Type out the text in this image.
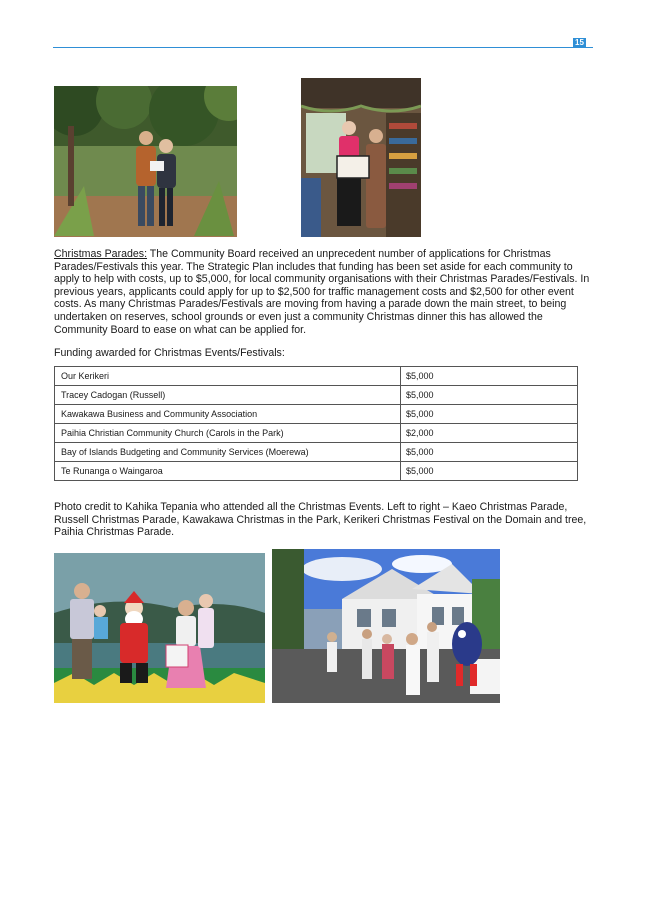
15

Christmas Parades: The Community Board received an unprecedent number of applications for Christmas Parades/Festivals this year. The Strategic Plan includes that funding has been set aside for each community to apply to help with costs, up to $5,000, for local community organisations with their Christmas Parades/Festivals. In previous years, applicants could apply for up to $2,500 for traffic management costs and $2,500 for other event costs. As many Christmas Parades/Festivals are moving from having a parade down the main street, to being undertaken on reserves, school grounds or even just a community Christmas dinner this has allowed the Community Board to ease on what can be applied for.

Funding awarded for Christmas Events/Festivals:

Our Kerikeri	$5,000
Tracey Cadogan (Russell)	$5,000
Kawakawa Business and Community Association	$5,000
Paihia Christian Community Church (Carols in the Park)	$2,000
Bay of Islands Budgeting and Community Services (Moerewa)	$5,000
Te Runanga o Waingaroa	$5,000

Photo credit to Kahika Tepania who attended all the Christmas Events. Left to right – Kaeo Christmas Parade, Russell Christmas Parade, Kawakawa Christmas in the Park, Kerikeri Christmas Festival on the Domain and tree, Paihia Christmas Parade.
